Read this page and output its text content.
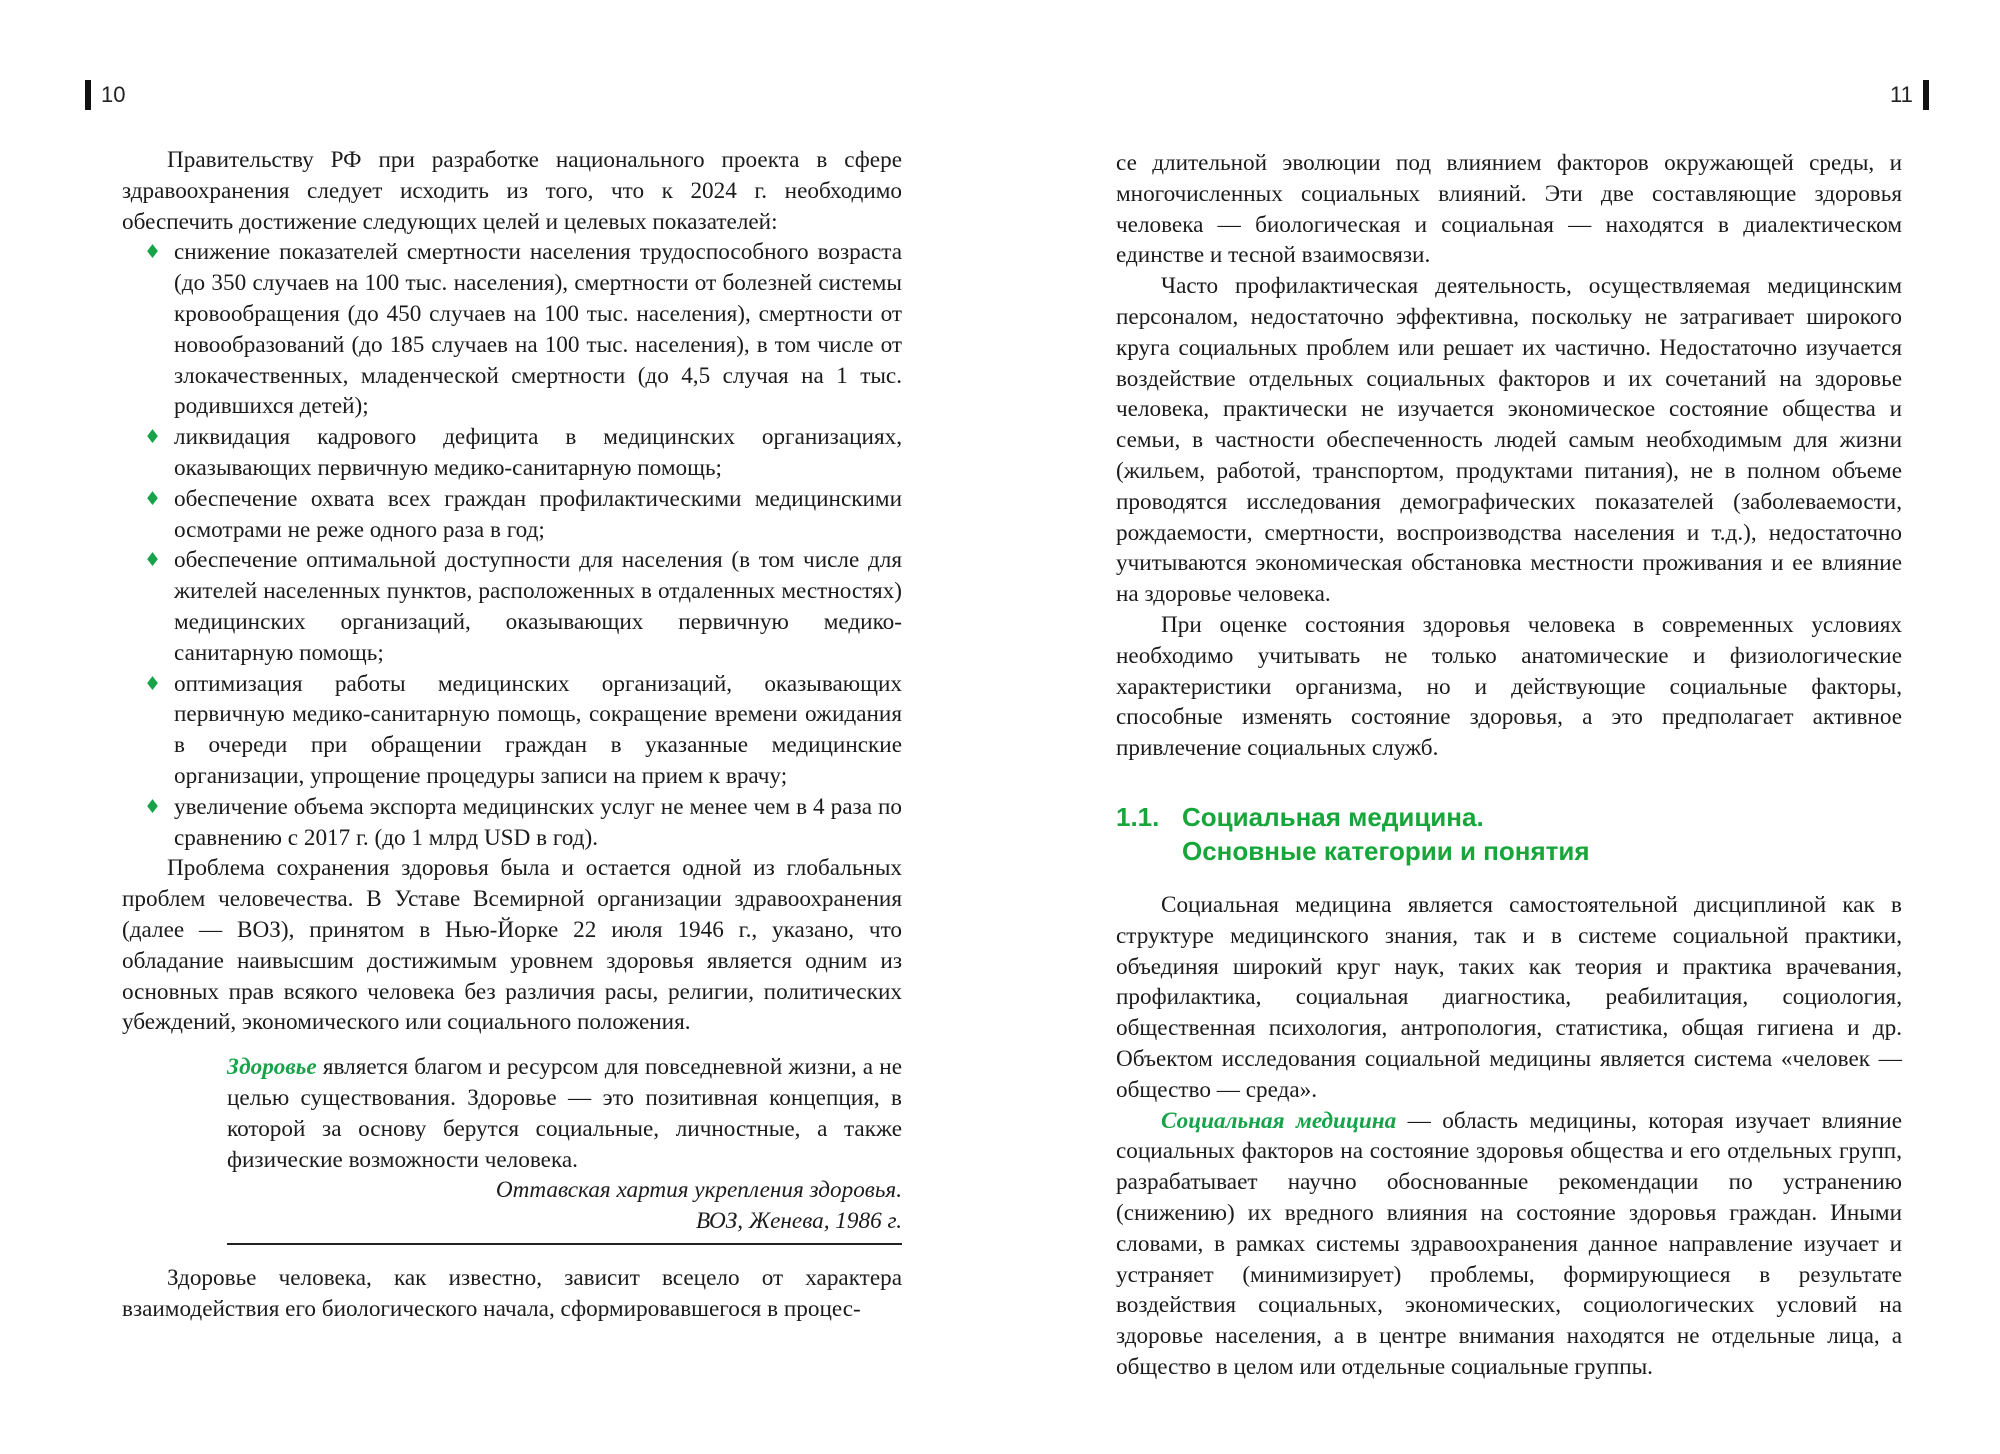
10

Правительству РФ при разработке национального проекта в сфере здравоохранения следует исходить из того, что к 2024 г. необходимо обеспечить достижение следующих целей и целевых показателей:

♦ снижение показателей смертности населения трудоспособного возраста (до 350 случаев на 100 тыс. населения), смертности от болезней системы кровообращения (до 450 случаев на 100 тыс. населения), смертности от новообразований (до 185 случаев на 100 тыс. населения), в том числе от злокачественных, младенческой смертности (до 4,5 случая на 1 тыс. родившихся детей);
♦ ликвидация кадрового дефицита в медицинских организациях, оказывающих первичную медико-санитарную помощь;
♦ обеспечение охвата всех граждан профилактическими медицинскими осмотрами не реже одного раза в год;
♦ обеспечение оптимальной доступности для населения (в том числе для жителей населенных пунктов, расположенных в отдаленных местностях) медицинских организаций, оказывающих первичную медико-санитарную помощь;
♦ оптимизация работы медицинских организаций, оказывающих первичную медико-санитарную помощь, сокращение времени ожидания в очереди при обращении граждан в указанные медицинские организации, упрощение процедуры записи на прием к врачу;
♦ увеличение объема экспорта медицинских услуг не менее чем в 4 раза по сравнению с 2017 г. (до 1 млрд USD в год).

Проблема сохранения здоровья была и остается одной из глобальных проблем человечества. В Уставе Всемирной организации здравоохранения (далее — ВОЗ), принятом в Нью-Йорке 22 июля 1946 г., указано, что обладание наивысшим достижимым уровнем здоровья является одним из основных прав всякого человека без различия расы, религии, политических убеждений, экономического или социального положения.

Здоровье является благом и ресурсом для повседневной жизни, а не целью существования. Здоровье — это позитивная концепция, в которой за основу берутся социальные, личностные, а также физические возможности человека.

Оттавская хартия укрепления здоровья.

ВОЗ, Женева, 1986 г.

Здоровье человека, как известно, зависит всецело от характера взаимодействия его биологического начала, сформировавшегося в процес-

11

се длительной эволюции под влиянием факторов окружающей среды, и многочисленных социальных влияний. Эти две составляющие здоровья человека — биологическая и социальная — находятся в диалектическом единстве и тесной взаимосвязи.

Часто профилактическая деятельность, осуществляемая медицинским персоналом, недостаточно эффективна, поскольку не затрагивает широкого круга социальных проблем или решает их частично. Недостаточно изучается воздействие отдельных социальных факторов и их сочетаний на здоровье человека, практически не изучается экономическое состояние общества и семьи, в частности обеспеченность людей самым необходимым для жизни (жильем, работой, транспортом, продуктами питания), не в полном объеме проводятся исследования демографических показателей (заболеваемости, рождаемости, смертности, воспроизводства населения и т.д.), недостаточно учитываются экономическая обстановка местности проживания и ее влияние на здоровье человека.

При оценке состояния здоровья человека в современных условиях необходимо учитывать не только анатомические и физиологические характеристики организма, но и действующие социальные факторы, способные изменять состояние здоровья, а это предполагает активное привлечение социальных служб.

1.1. Социальная медицина.
Основные категории и понятия

Социальная медицина является самостоятельной дисциплиной как в структуре медицинского знания, так и в системе социальной практики, объединяя широкий круг наук, таких как теория и практика врачевания, профилактика, социальная диагностика, реабилитация, социология, общественная психология, антропология, статистика, общая гигиена и др. Объектом исследования социальной медицины является система «человек — общество — среда».

Социальная медицина — область медицины, которая изучает влияние социальных факторов на состояние здоровья общества и его отдельных групп, разрабатывает научно обоснованные рекомендации по устранению (снижению) их вредного влияния на состояние здоровья граждан. Иными словами, в рамках системы здравоохранения данное направление изучает и устраняет (минимизирует) проблемы, формирующиеся в результате воздействия социальных, экономических, социологических условий на здоровье населения, а в центре внимания находятся не отдельные лица, а общество в целом или отдельные социальные группы.
